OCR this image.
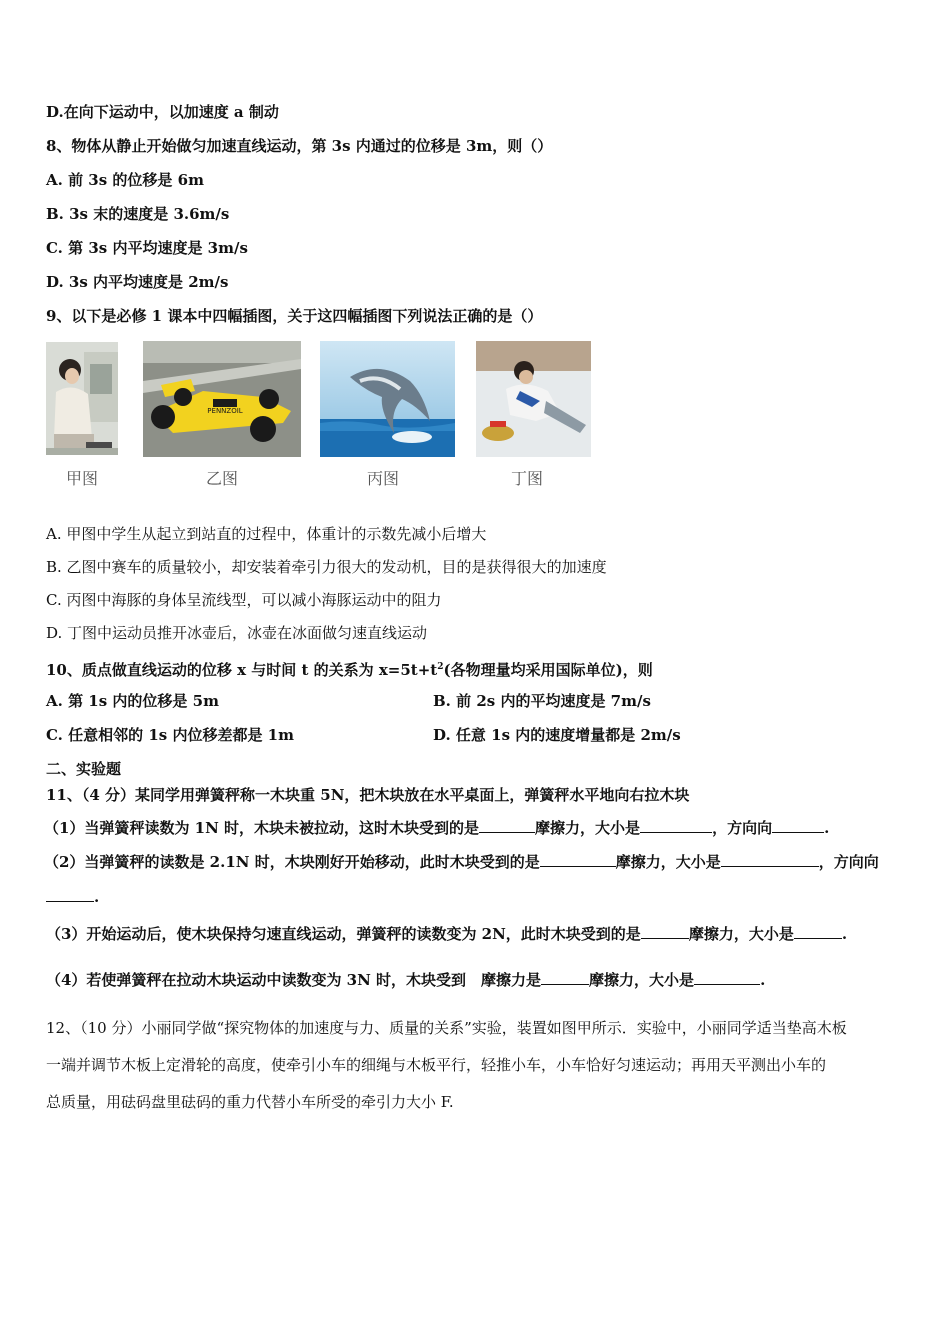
D.在向下运动中，以加速度 a 制动
8、物体从静止开始做匀加速直线运动，第 3s 内通过的位移是 3m，则（）
A. 前 3s 的位移是 6m
B. 3s 末的速度是 3.6m/s
C. 第 3s 内平均速度是 3m/s
D. 3s 内平均速度是 2m/s
9、以下是必修 1 课本中四幅插图，关于这四幅插图下列说法正确的是（）
PENNZOIL
甲图	乙图	丙图	丁图
A. 甲图中学生从起立到站直的过程中，体重计的示数先减小后增大
B. 乙图中赛车的质量较小，却安装着牵引力很大的发动机，目的是获得很大的加速度
C. 丙图中海豚的身体呈流线型，可以减小海豚运动中的阻力
D. 丁图中运动员推开冰壶后，冰壶在冰面做匀速直线运动
10、质点做直线运动的位移 x 与时间 t 的关系为 $x=5t+t^2$(各物理量均采用国际单位)，则
A. 第 1s 内的位移是 5m	B. 前 2s 内的平均速度是 7m/s
C. 任意相邻的 1s 内位移差都是 1m	D. 任意 1s 内的速度增量都是 2m/s
二、实验题
11、（4 分）某同学用弹簧秤称一木块重 5N，把木块放在水平桌面上，弹簧秤水平地向右拉木块
（1）当弹簧秤读数为 1N 时，木块未被拉动，这时木块受到的是	摩擦力，大小是	，方向向	.
（2）当弹簧秤的读数是 2.1N 时，木块刚好开始移动，此时木块受到的是	摩擦力，大小是	，方向向
.
（3）开始运动后，使木块保持匀速直线运动，弹簧秤的读数变为 2N，此时木块受到的是	摩擦力，大小是	.
（4）若使弹簧秤在拉动木块运动中读数变为 3N 时，木块受到　摩擦力是	摩擦力，大小是	.
12、（10 分）小丽同学做“探究物体的加速度与力、质量的关系”实验，装置如图甲所示．实验中，小丽同学适当垫高木板
一端并调节木板上定滑轮的高度，使牵引小车的细绳与木板平行，轻推小车，小车恰好匀速运动；再用天平测出小车的
总质量，用砝码盘里砝码的重力代替小车所受的牵引力大小 F.
